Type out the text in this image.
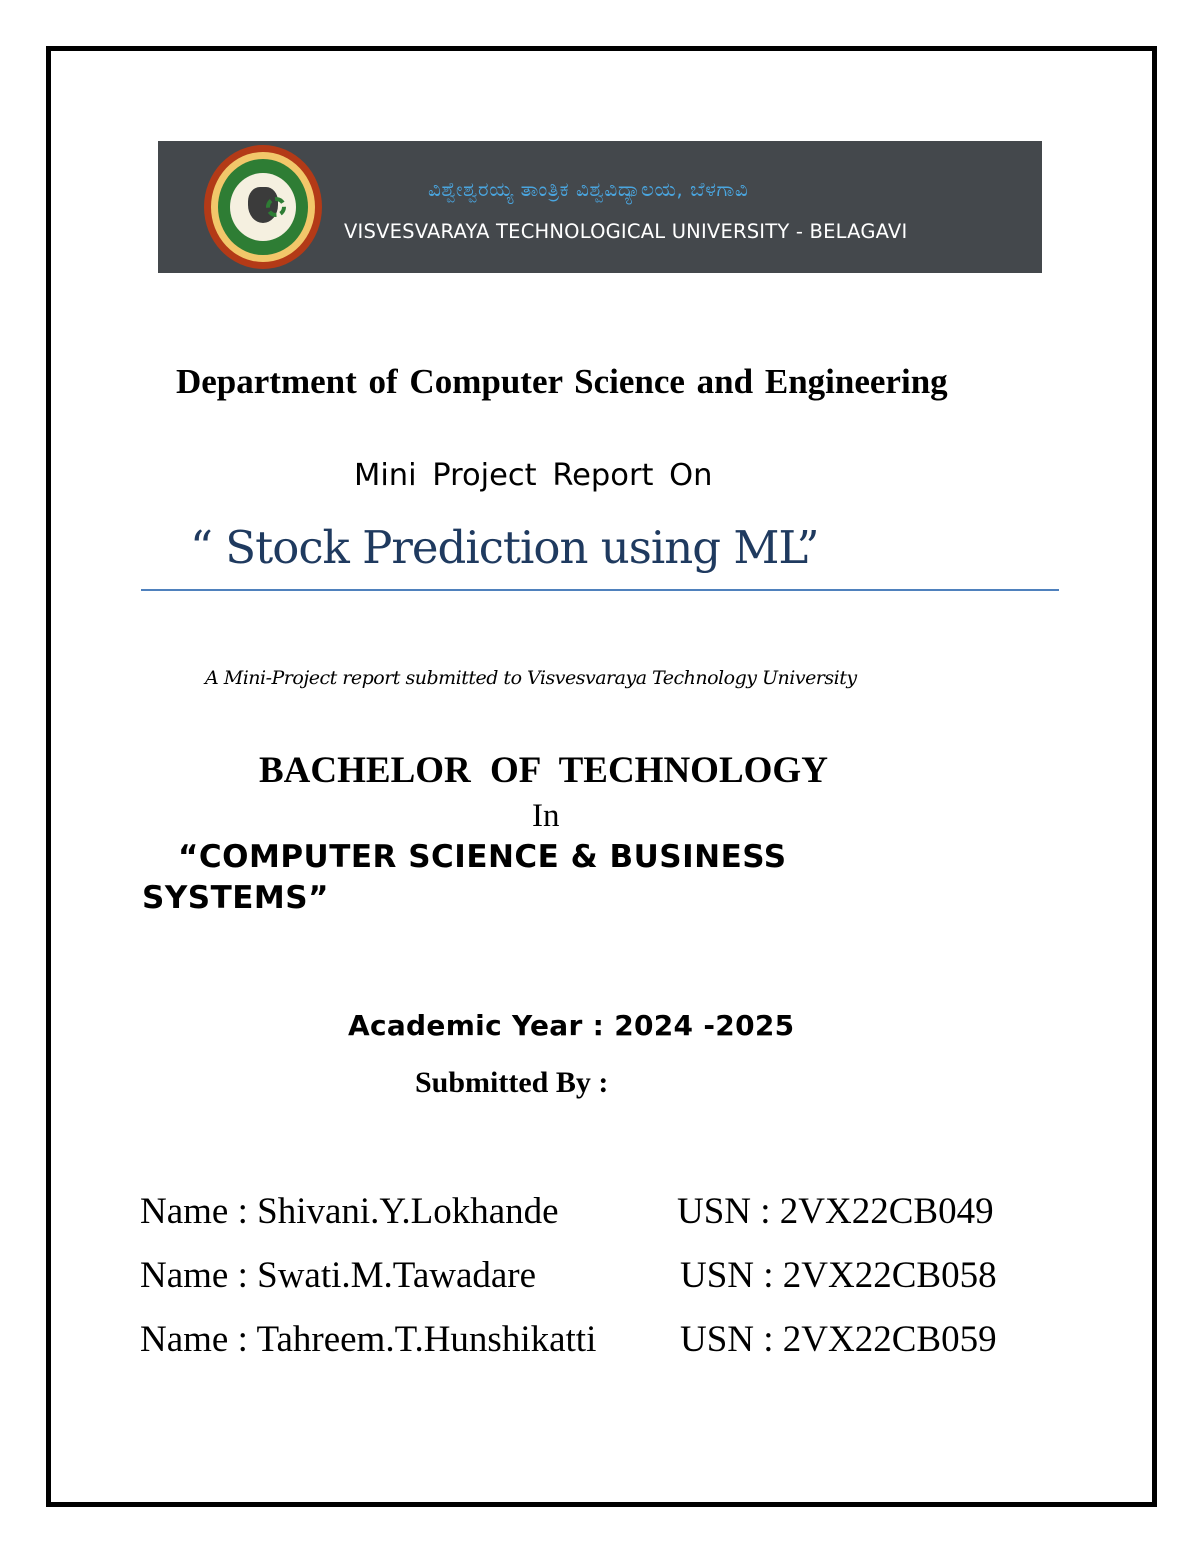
ವಿಶ್ವೇಶ್ವರಯ್ಯ ತಾಂತ್ರಿಕ ವಿಶ್ವವಿದ್ಯಾಲಯ, ಬೆಳಗಾವಿ
VISVESVARAYA TECHNOLOGICAL UNIVERSITY - BELAGAVI
Department of Computer Science and Engineering
Mini Project Report On
“ Stock Prediction using ML”
A Mini-Project report submitted to Visvesvaraya Technology University
BACHELOR OF TECHNOLOGY
In
“COMPUTER SCIENCE & BUSINESS
SYSTEMS”
Academic Year : 2024 -2025
Submitted By :
Name : Shivani.Y.Lokhande	USN : 2VX22CB049
Name : Swati.M.Tawadare	USN : 2VX22CB058
Name : Tahreem.T.Hunshikatti USN : 2VX22CB059
